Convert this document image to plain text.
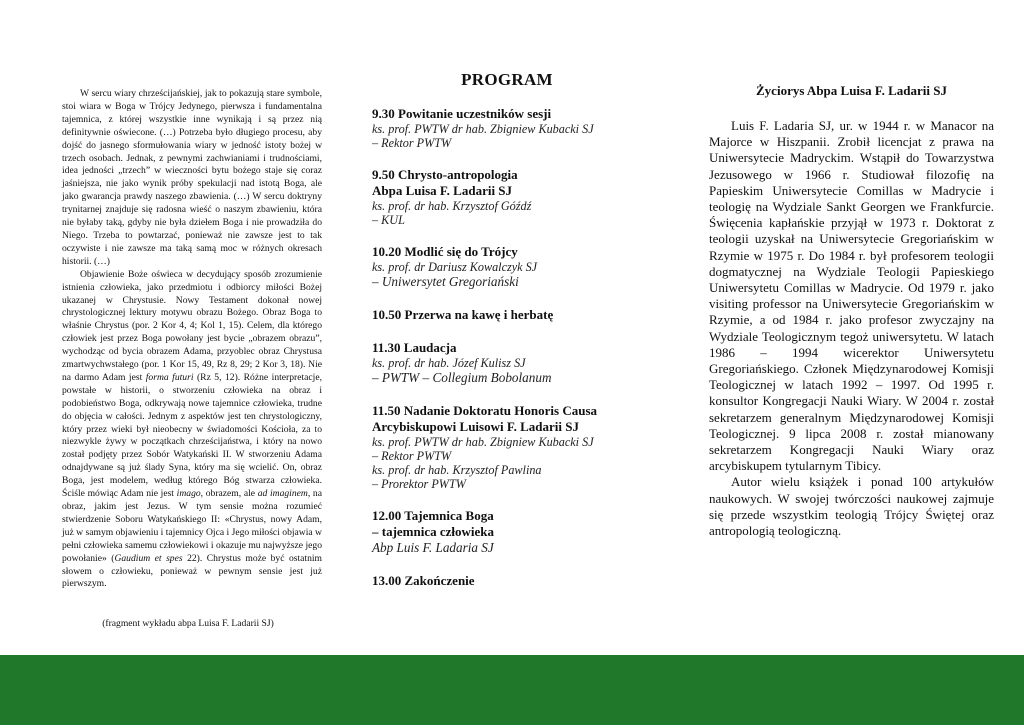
W sercu wiary chrześcijańskiej, jak to pokazują stare symbole, stoi wiara w Boga w Trójcy Jedynego, pierwsza i fundamentalna tajemnica, z której wszystkie inne wynikają i są przez nią definitywnie oświecone. (…) Potrzeba było długiego procesu, aby dojść do jasnego sformułowania wiary w jedność istoty bożej w trzech osobach. Jednak, z pewnymi zachwianiami i trudnościami, idea jedności „trzech” w wieczności bytu bożego staje się coraz jaśniejsza, nie jako wynik próby spekulacji nad istotą Boga, ale jako gwarancja prawdy naszego zbawienia. (…) W sercu doktryny trynitarnej znajduje się radosna wieść o naszym zbawieniu, która nie byłaby taką, gdyby nie była dziełem Boga i nie prowadziła do Niego. Trzeba to powtarzać, ponieważ nie zawsze jest to tak oczywiste i nie zawsze ma taką samą moc w różnych okresach historii. (…)

Objawienie Boże oświeca w decydujący sposób zrozumienie istnienia człowieka, jako przedmiotu i odbiorcy miłości Bożej ukazanej w Chrystusie. Nowy Testament dokonał nowej chrystologicznej lektury motywu obrazu Bożego. Obraz Boga to właśnie Chrystus (por. 2 Kor 4, 4; Kol 1, 15). Celem, dla którego człowiek jest przez Boga powołany jest bycie „obrazem obrazu”, wychodząc od bycia obrazem Adama, przyobleс obraz Chrystusa zmartwychwstałego (por. 1 Kor 15, 49, Rz 8, 29; 2 Kor 3, 18). Nie na darmo Adam jest forma futuri (Rz 5, 12). Różne interpretacje, powstałe w historii, o stworzeniu człowieka na obraz i podobieństwo Boga, odkrywają nowe tajemnice człowieka, trudne do objęcia w całości. Jednym z aspektów jest ten chrystologiczny, który przez wieki był nieobecny w świadomości Kościoła, za to niezwykle żywy w początkach chrześcijaństwa, i który na nowo został podjęty przez Sobór Watykański II. W stworzeniu Adama odnajdywane są już ślady Syna, który ma się wcielić. On, obraz Boga, jest modelem, według którego Bóg stwarza człowieka. Ściśle mówiąc Adam nie jest imago, obrazem, ale ad imaginem, na obraz, jakim jest Jezus. W tym sensie można rozumieć stwierdzenie Soboru Watykańskiego II: «Chrystus, nowy Adam, już w samym objawieniu i tajemnicy Ojca i Jego miłości objawia w pełni człowieka samemu człowiekowi i okazuje mu najwyższe jego powołanie» (Gaudium et spes 22). Chrystus może być ostatnim słowem o człowieku, ponieważ w pewnym sensie jest już pierwszym.

(fragment wykładu abpa Luisa F. Ladarii SJ)
PROGRAM
9.30 Powitanie uczestników sesji
ks. prof. PWTW dr hab. Zbigniew Kubacki SJ
– Rektor PWTW
9.50 Chrysto-antropologia
Abpa Luisa F. Ladarii SJ
ks. prof. dr hab. Krzysztof Góźdź
– KUL
10.20 Modlić się do Trójcy
ks. prof. dr Dariusz Kowalczyk SJ
– Uniwersytet Gregoriański
10.50 Przerwa na kawę i herbatę
11.30 Laudacja
ks. prof. dr hab. Józef Kulisz SJ
– PWTW – Collegium Bobolanum
11.50 Nadanie Doktoratu Honoris Causa
Arcybiskupowi Luisowi F. Ladarii SJ
ks. prof. PWTW dr hab. Zbigniew Kubacki SJ
– Rektor PWTW
ks. prof. dr hab. Krzysztof Pawlina
– Prorektor PWTW
12.00 Tajemnica Boga
– tajemnica człowieka
Abp Luis F. Ladaria SJ
13.00 Zakończenie
Życiorys Abpa Luisa F. Ladarii SJ

Luis F. Ladaria SJ, ur. w 1944 r. w Manacor na Majorce w Hiszpanii. Zrobił licencjat z prawa na Uniwersytecie Madryckim. Wstąpił do Towarzystwa Jezusowego w 1966 r. Studiował filozofię na Papieskim Uniwersytecie Comillas w Madrycie i teologię na Wydziale Sankt Georgen we Frankfurcie. Święcenia kapłańskie przyjął w 1973 r. Doktorat z teologii uzyskał na Uniwersytecie Gregoriańskim w Rzymie w 1975 r. Do 1984 r. był profesorem teologii dogmatycznej na Wydziale Teologii Papieskiego Uniwersytetu Comillas w Madrycie. Od 1979 r. jako visiting professor na Uniwersytecie Gregoriańskim w Rzymie, a od 1984 r. jako profesor zwyczajny na Wydziale Teologicznym tegoż uniwersytetu. W latach 1986 – 1994 wicerektor Uniwersytetu Gregoriańskiego. Członek Międzynarodowej Komisji Teologicznej w latach 1992 – 1997. Od 1995 r. konsultor Kongregacji Nauki Wiary. W 2004 r. został sekretarzem generalnym Międzynarodowej Komisji Teologicznej. 9 lipca 2008 r. został mianowany sekretarzem Kongregacji Nauki Wiary oraz arcybiskupem tytularnym Tibicy.

Autor wielu książek i ponad 100 artykułów naukowych. W swojej twórczości naukowej zajmuje się przede wszystkim teologią Trójcy Świętej oraz antropologią teologiczną.
